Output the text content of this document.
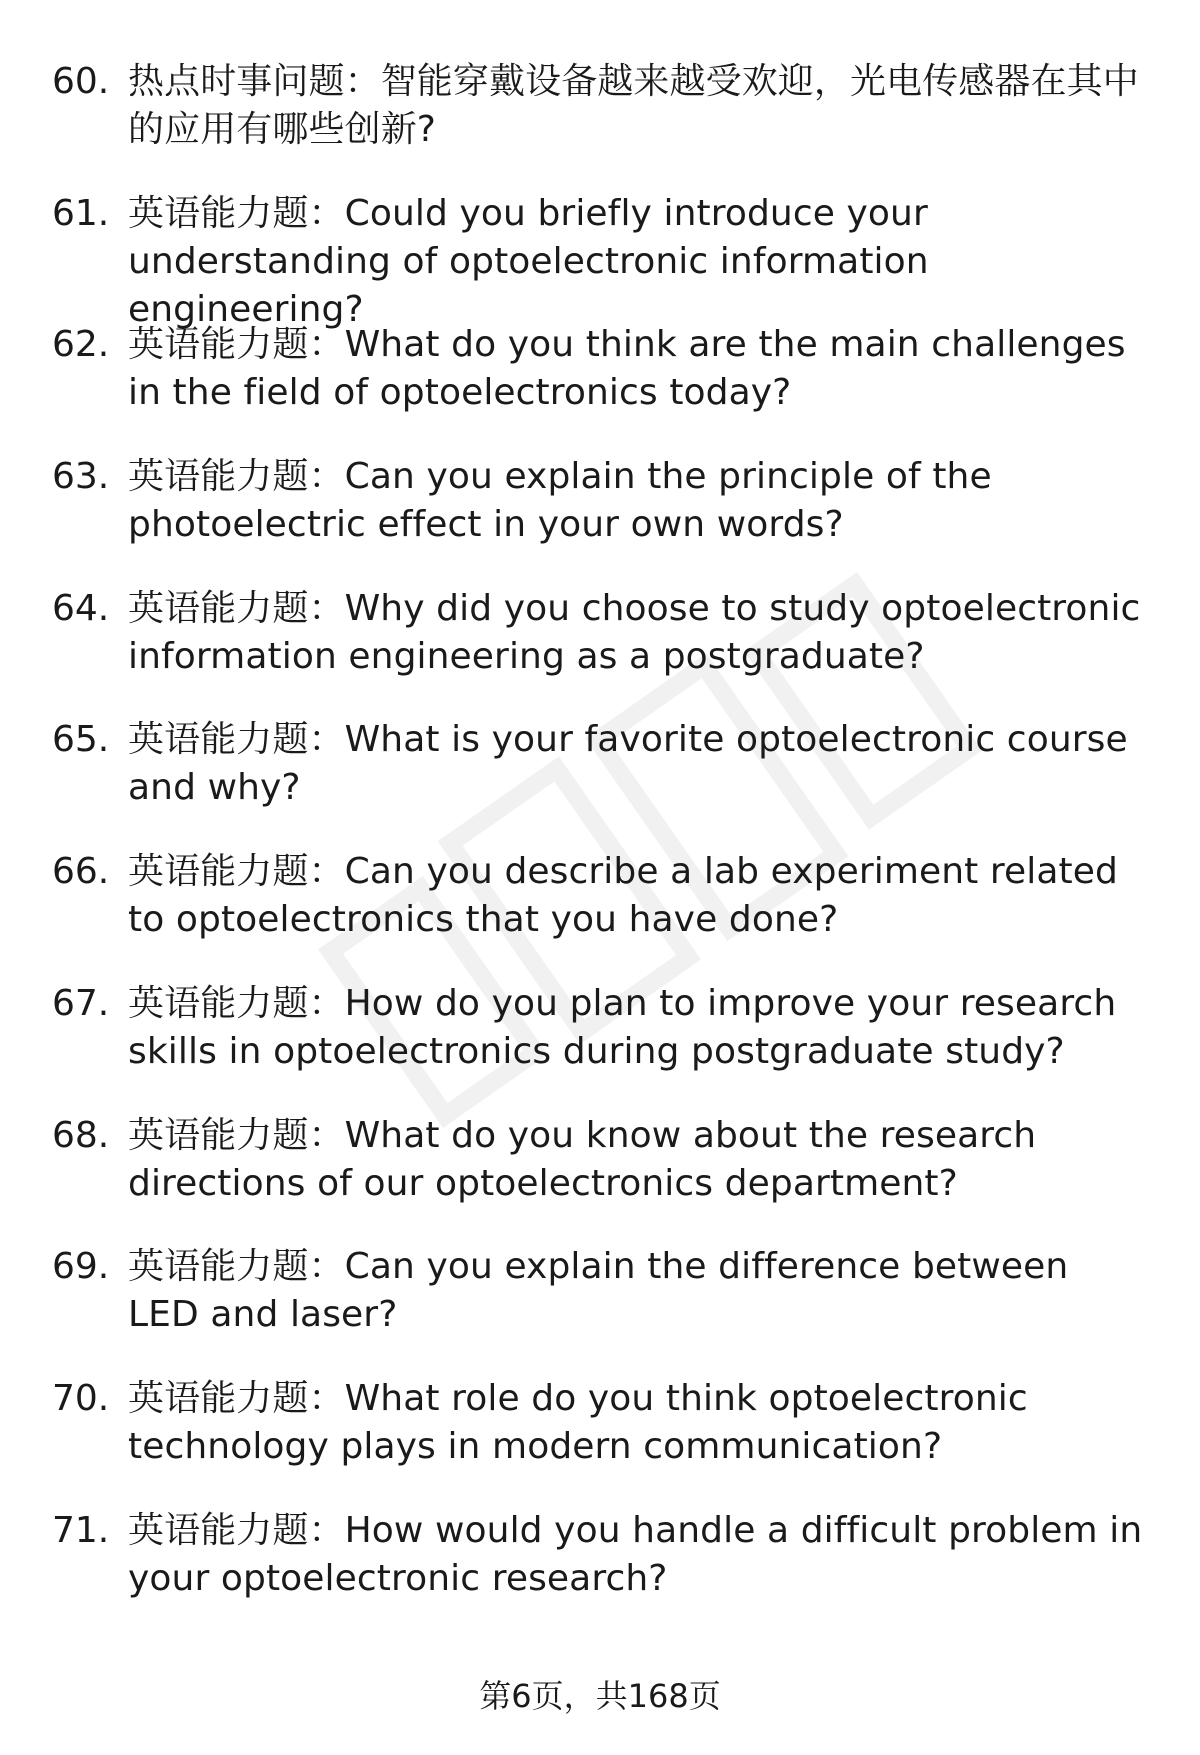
60. 热点时事问题：智能穿戴设备越来越受欢迎，光电传感器在其中的应用有哪些创新?
61. 英语能力题：Could you briefly introduce your understanding of optoelectronic information engineering?
62. 英语能力题：What do you think are the main challenges in the field of optoelectronics today?
63. 英语能力题：Can you explain the principle of the photoelectric effect in your own words?
64. 英语能力题：Why did you choose to study optoelectronic information engineering as a postgraduate?
65. 英语能力题：What is your favorite optoelectronic course and why?
66. 英语能力题：Can you describe a lab experiment related to optoelectronics that you have done?
67. 英语能力题：How do you plan to improve your research skills in optoelectronics during postgraduate study?
68. 英语能力题：What do you know about the research directions of our optoelectronics department?
69. 英语能力题：Can you explain the difference between LED and laser?
70. 英语能力题：What role do you think optoelectronic technology plays in modern communication?
71. 英语能力题：How would you handle a difficult problem in your optoelectronic research?
第6页，共168页
